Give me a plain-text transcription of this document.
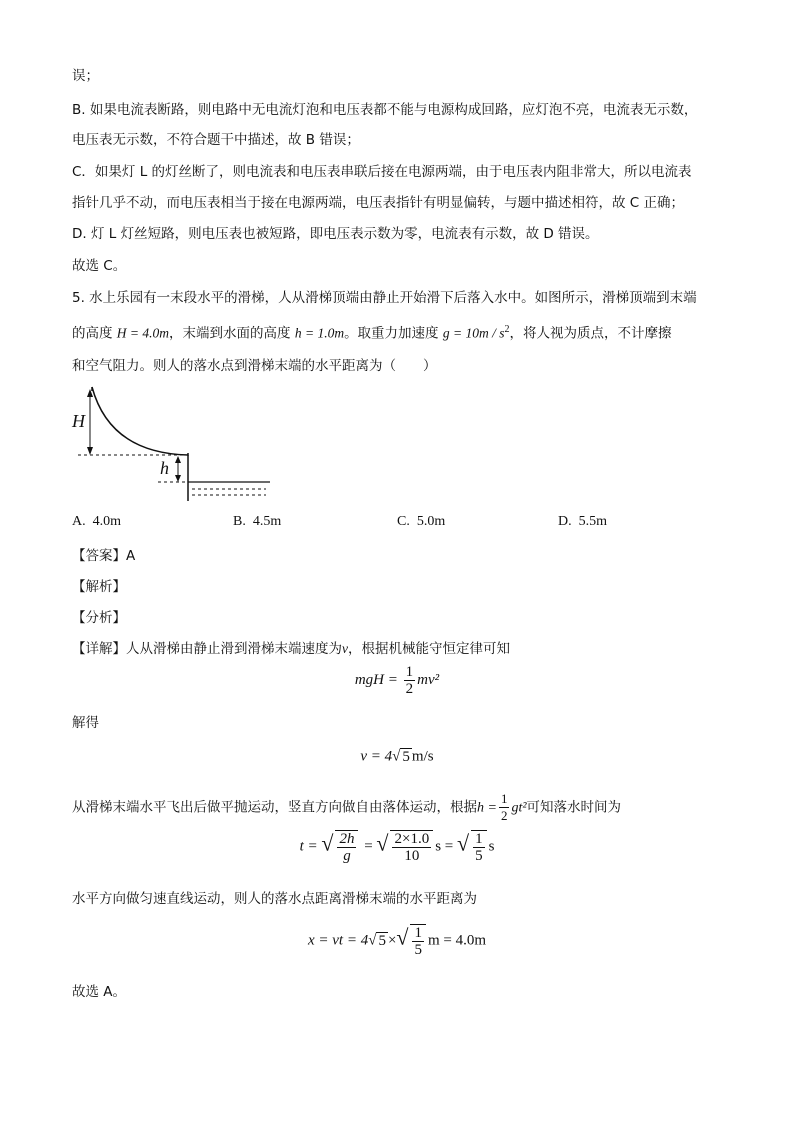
误；
B. 如果电流表断路，则电路中无电流灯泡和电压表都不能与电源构成回路，应灯泡不亮，电流表无示数，
电压表无示数，不符合题干中描述，故 B 错误；
C．如果灯 L 的灯丝断了，则电流表和电压表串联后接在电源两端，由于电压表内阻非常大，所以电流表
指针几乎不动，而电压表相当于接在电源两端，电压表指针有明显偏转，与题中描述相符，故 C 正确；
D. 灯 L 灯丝短路，则电压表也被短路，即电压表示数为零，电流表有示数，故 D 错误。
故选 C。
5. 水上乐园有一末段水平的滑梯，人从滑梯顶端由静止开始滑下后落入水中。如图所示，滑梯顶端到末端
的高度 H = 4.0m，末端到水面的高度 h = 1.0m。取重力加速度 $g = 10m / s^2$，将人视为质点，不计摩擦
和空气阻力。则人的落水点到滑梯末端的水平距离为（　　）
H
h
A. 4.0m	B. 4.5m	C. 5.0m	D. 5.5m
【答案】A
【解析】
【分析】
【详解】人从滑梯由静止滑到滑梯末端速度为v，根据机械能守恒定律可知
mgH = $\frac{1}{2} mv^2$
解得
v = 4√ 5 m/s
从滑梯末端水平飞出后做平抛运动，竖直方向做自由落体运动，根据$h = \frac{1}{2} gt^2$可知落水时间为
t = √ $\frac{2h}{g}$ = √ $\frac{2\times 1.0}{10}$ s = √ $\frac{1}{5}$ s
水平方向做匀速直线运动，则人的落水点距离滑梯末端的水平距离为
x = vt = 4√ 5 ×√ $\frac{1}{5}$ m = 4.0m
故选 A。
